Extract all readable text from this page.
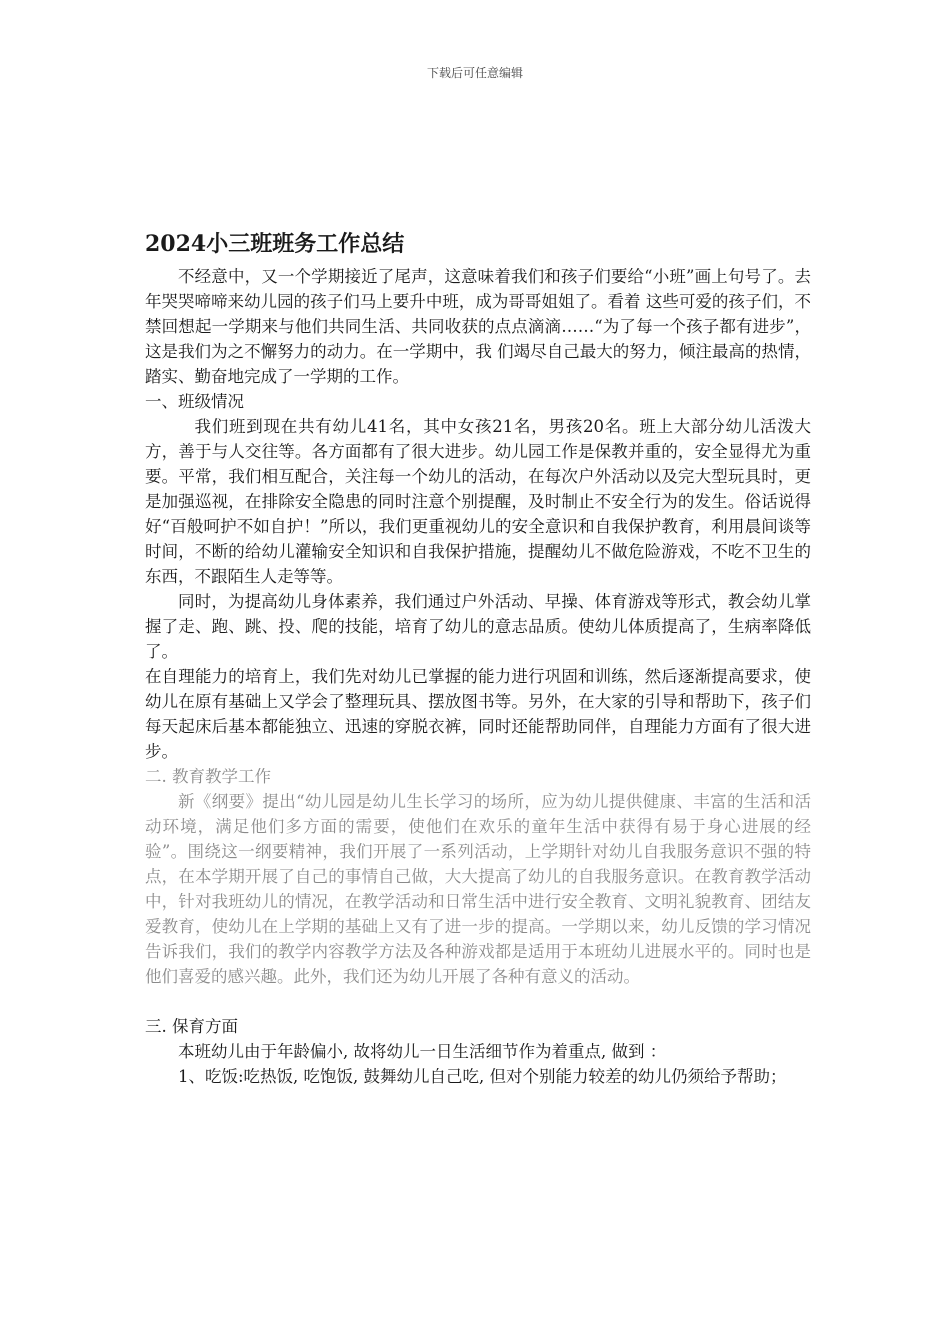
下载后可任意编辑
2024小三班班务工作总结

不经意中，又一个学期接近了尾声，这意味着我们和孩子们要给“小班”画上句号了。去年哭哭啼啼来幼儿园的孩子们马上要升中班，成为哥哥姐姐了。看着 这些可爱的孩子们，不禁回想起一学期来与他们共同生活、共同收获的点点滴滴……“为了每一个孩子都有进步”，这是我们为之不懈努力的动力。在一学期中，我 们竭尽自己最大的努力，倾注最高的热情，踏实、勤奋地完成了一学期的工作。

一、班级情况

我们班到现在共有幼儿41名，其中女孩21名，男孩20名。班上大部分幼儿活泼大方，善于与人交往等。各方面都有了很大进步。幼儿园工作是保教并重的，安全显得尤为重要。平常，我们相互配合，关注每一个幼儿的活动，在每次户外活动以及完大型玩具时，更是加强巡视，在排除安全隐患的同时注意个别提醒，及时制止不安全行为的发生。俗话说得好“百般呵护不如自护！”所以，我们更重视幼儿的安全意识和自我保护教育，利用晨间谈等时间，不断的给幼儿灌输安全知识和自我保护措施，提醒幼儿不做危险游戏，不吃不卫生的东西，不跟陌生人走等等。

同时，为提高幼儿身体素养，我们通过户外活动、早操、体育游戏等形式，教会幼儿掌握了走、跑、跳、投、爬的技能，培育了幼儿的意志品质。使幼儿体质提高了，生病率降低了。

在自理能力的培育上，我们先对幼儿已掌握的能力进行巩固和训练，然后逐渐提高要求，使幼儿在原有基础上又学会了整理玩具、摆放图书等。另外，在大家的引导和帮助下，孩子们每天起床后基本都能独立、迅速的穿脱衣裤，同时还能帮助同伴，自理能力方面有了很大进步。

二. 教育教学工作

新《纲要》提出“幼儿园是幼儿生长学习的场所，应为幼儿提供健康、丰富的生活和活动环境，满足他们多方面的需要，使他们在欢乐的童年生活中获得有易于身心进展的经验”。围绕这一纲要精神，我们开展了一系列活动，上学期针对幼儿自我服务意识不强的特点，在本学期开展了自己的事情自己做，大大提高了幼儿的自我服务意识。在教育教学活动中，针对我班幼儿的情况，在教学活动和日常生活中进行安全教育、文明礼貌教育、团结友爱教育，使幼儿在上学期的基础上又有了进一步的提高。一学期以来，幼儿反馈的学习情况告诉我们，我们的教学内容教学方法及各种游戏都是适用于本班幼儿进展水平的。同时也是他们喜爱的感兴趣。此外，我们还为幼儿开展了各种有意义的活动。

三. 保育方面

本班幼儿由于年龄偏小, 故将幼儿一日生活细节作为着重点, 做到 ：

1、吃饭:吃热饭, 吃饱饭, 鼓舞幼儿自己吃, 但对个别能力较差的幼儿仍须给予帮助；
